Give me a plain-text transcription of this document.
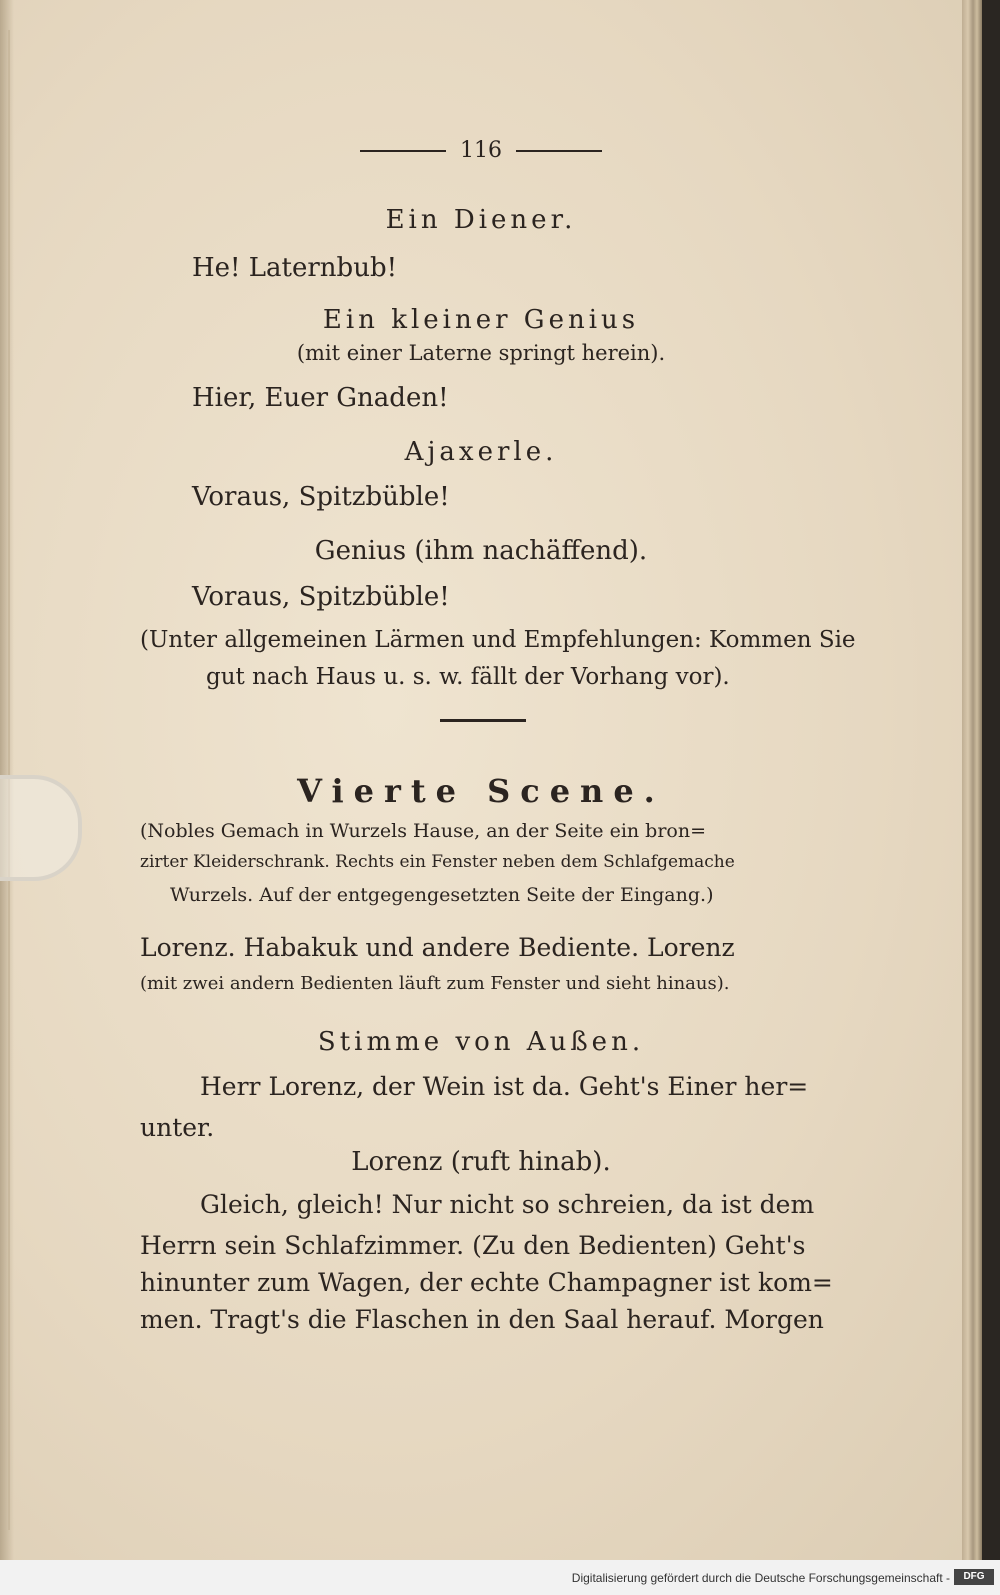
116
Ein Diener.
He! Laternbub!
Ein kleiner Genius
(mit einer Laterne springt herein).
Hier, Euer Gnaden!
Ajaxerle.
Voraus, Spitzbüble!
Genius (ihm nachäffend).
Voraus, Spitzbüble!
(Unter allgemeinen Lärmen und Empfehlungen: Kommen Sie
gut nach Haus u. s. w. fällt der Vorhang vor).
Vierte Scene.
(Nobles Gemach in Wurzels Hause, an der Seite ein bron=
zirter Kleiderschrank. Rechts ein Fenster neben dem Schlafgemache
Wurzels. Auf der entgegengesetzten Seite der Eingang.)
Lorenz. Habakuk und andere Bediente. Lorenz
(mit zwei andern Bedienten läuft zum Fenster und sieht hinaus).
Stimme von Außen.
Herr Lorenz, der Wein ist da. Geht's Einer her=
unter.
Lorenz (ruft hinab).
Gleich, gleich! Nur nicht so schreien, da ist dem
Herrn sein Schlafzimmer. (Zu den Bedienten) Geht's
hinunter zum Wagen, der echte Champagner ist kom=
men. Tragt's die Flaschen in den Saal herauf. Morgen
Digitalisierung gefördert durch die Deutsche Forschungsgemeinschaft -	DFG
